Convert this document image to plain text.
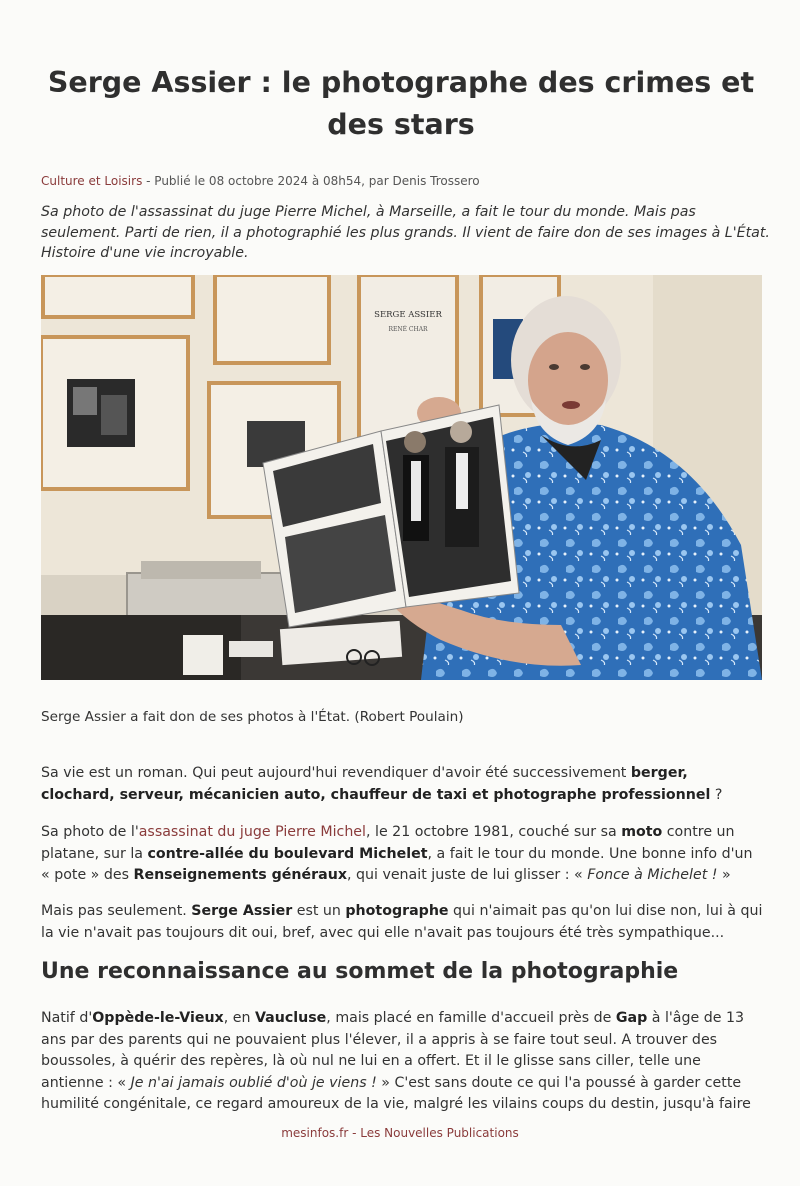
Serge Assier : le photographe des crimes et des stars

Culture et Loisirs - Publié le 08 octobre 2024 à 08h54, par Denis Trossero

Sa photo de l'assassinat du juge Pierre Michel, à Marseille, a fait le tour du monde. Mais pas seulement. Parti de rien, il a photographié les plus grands. Il vient de faire don de ses images à L'État. Histoire d'une vie incroyable.

SERGE ASSIER
RENÉ CHAR

Serge Assier a fait don de ses photos à l'État. (Robert Poulain)

Sa vie est un roman. Qui peut aujourd'hui revendiquer d'avoir été successivement berger, clochard, serveur, mécanicien auto, chauffeur de taxi et photographe professionnel ?

Sa photo de l'assassinat du juge Pierre Michel, le 21 octobre 1981, couché sur sa moto contre un platane, sur la contre-allée du boulevard Michelet, a fait le tour du monde. Une bonne info d'un « pote » des Renseignements généraux, qui venait juste de lui glisser : « Fonce à Michelet ! »

Mais pas seulement. Serge Assier est un photographe qui n'aimait pas qu'on lui dise non, lui à qui la vie n'avait pas toujours dit oui, bref, avec qui elle n'avait pas toujours été très sympathique...

Une reconnaissance au sommet de la photographie

Natif d'Oppède-le-Vieux, en Vaucluse, mais placé en famille d'accueil près de Gap à l'âge de 13 ans par des parents qui ne pouvaient plus l'élever, il a appris à se faire tout seul. A trouver des boussoles, à quérir des repères, là où nul ne lui en a offert. Et il le glisse sans ciller, telle une antienne : « Je n'ai jamais oublié d'où je viens ! » C'est sans doute ce qui l'a poussé à garder cette humilité congénitale, ce regard amoureux de la vie, malgré les vilains coups du destin, jusqu'à faire

mesinfos.fr - Les Nouvelles Publications
